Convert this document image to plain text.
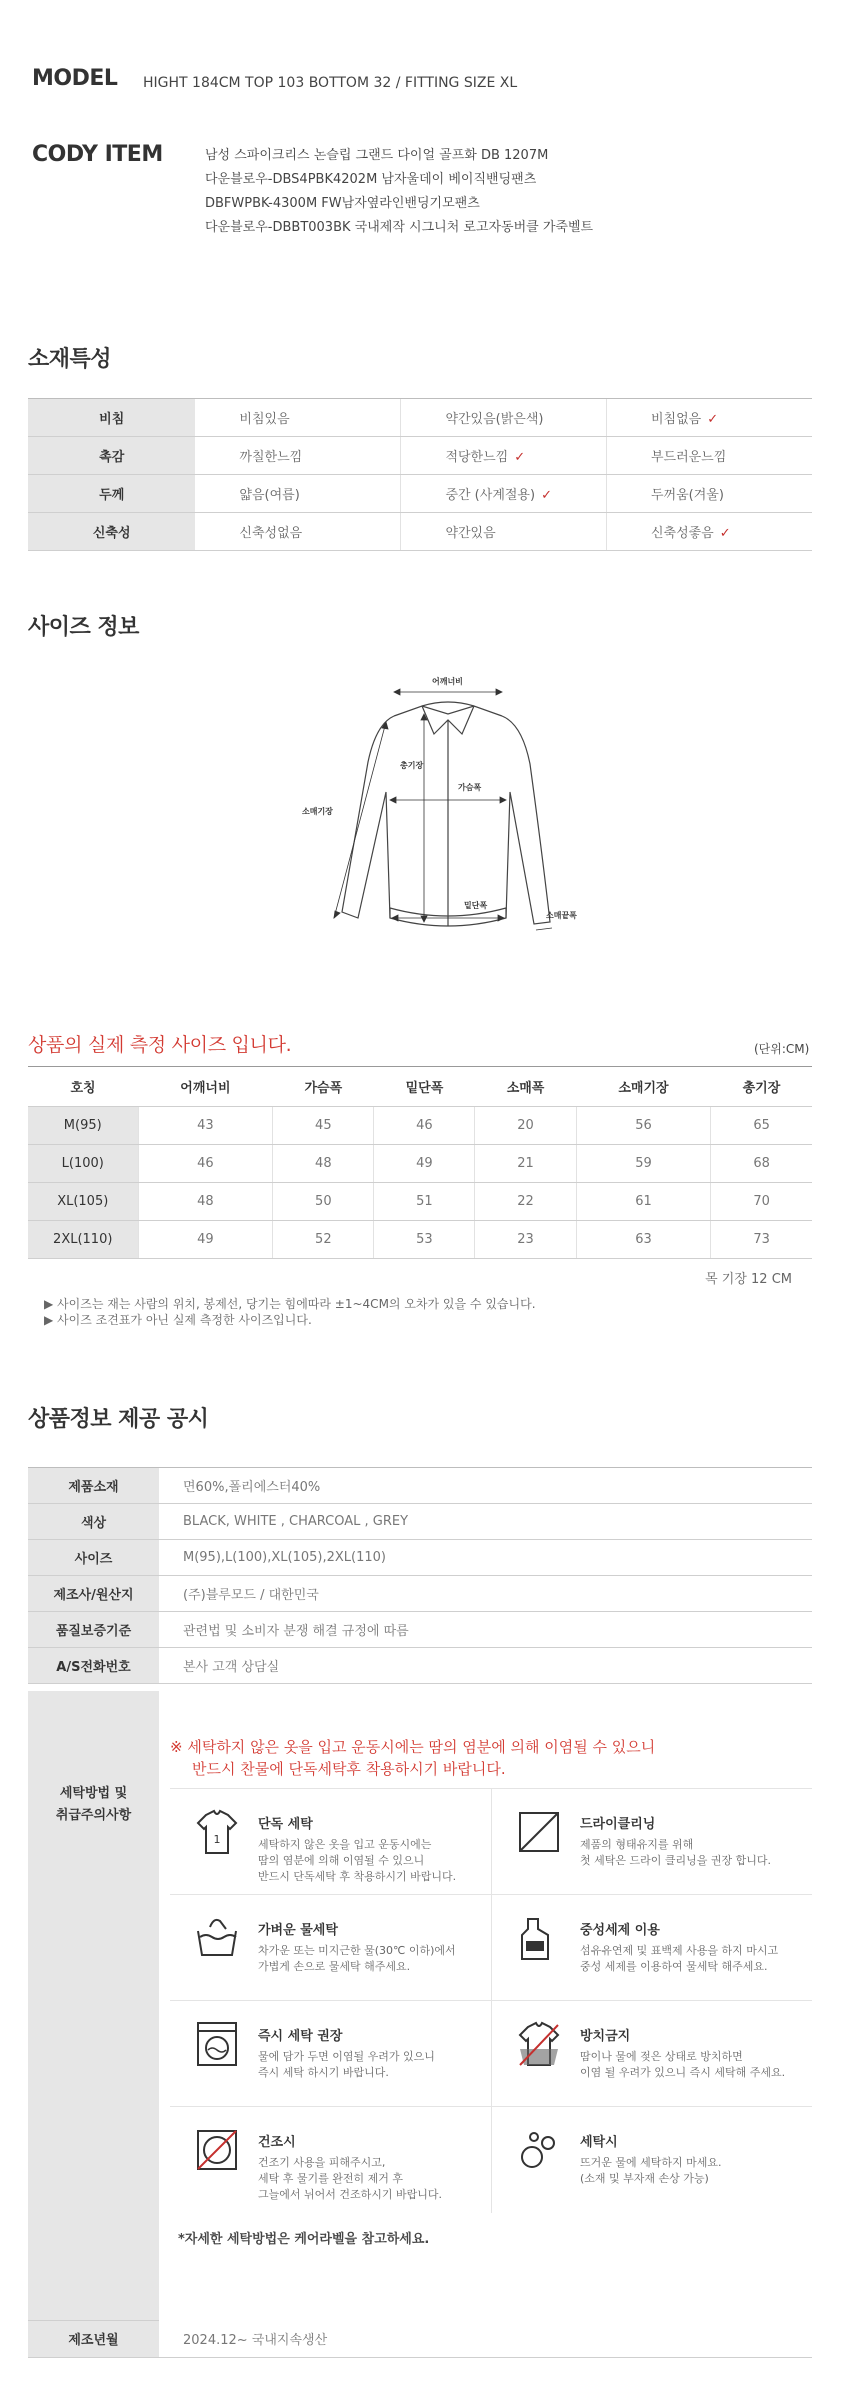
MODEL HIGHT 184CM TOP 103 BOTTOM 32 / FITTING SIZE XL
CODY ITEM	남성 스파이크리스 논슬립 그랜드 다이얼 골프화 DB 1207M
다운블로우-DBS4PBK4202M 남자울데이 베이직밴딩팬츠
DBFWPBK-4300M FW남자옆라인밴딩기모팬츠
다운블로우-DBBT003BK 국내제작 시그니처 로고자동버클 가죽벨트
소재특성
비침	비침있음	약간있음(밝은색)	비침없음 ✓
촉감	까칠한느낌	적당한느낌 ✓	부드러운느낌
두께	얇음(여름)	중간 (사계절용) ✓	두꺼움(겨울)
신축성	신축성없음	약간있음	신축성좋음 ✓
사이즈 정보
어깨너비
총기장
가슴폭
소매기장
밑단폭
소매끝폭
상품의 실제 측정 사이즈 입니다.	(단위:CM)
호칭	어깨너비	가슴폭	밑단폭	소매폭	소매기장	총기장
M(95)	43	45	46	20	56	65
L(100)	46	48	49	21	59	68
XL(105)	48	50	51	22	61	70
2XL(110)	49	52	53	23	63	73
목 기장 12 CM
▶ 사이즈는 재는 사람의 위치, 봉제선, 당기는 힘에따라 ±1~4CM의 오차가 있을 수 있습니다.
▶ 사이즈 조견표가 아닌 실제 측정한 사이즈입니다.
상품정보 제공 공시
제품소재	면60%,폴리에스터40%
색상	BLACK, WHITE , CHARCOAL , GREY
사이즈	M(95),L(100),XL(105),2XL(110)
제조사/원산지	(주)블루모드 / 대한민국
품질보증기준	관련법 및 소비자 분쟁 해결 규정에 따름
A/S전화번호	본사 고객 상담실
세탁방법 및
취급주의사항
※ 세탁하지 않은 옷을 입고 운동시에는 땀의 염분에 의해 이염될 수 있으니
반드시 찬물에 단독세탁후 착용하시기 바랍니다.
1
단독 세탁
세탁하지 않은 옷을 입고 운동시에는
땀의 염분에 의해 이염될 수 있으니
반드시 단독세탁 후 착용하시기 바랍니다.
드라이클리닝
제품의 형태유지를 위해
첫 세탁은 드라이 클리닝을 권장 합니다.
가벼운 물세탁
차가운 또는 미지근한 물(30℃ 이하)에서
가볍게 손으로 물세탁 해주세요.
중성세제 이용
섬유유연제 및 표백제 사용을 하지 마시고
중성 세제를 이용하여 물세탁 해주세요.
즉시 세탁 권장
물에 담가 두면 이염될 우려가 있으니
즉시 세탁 하시기 바랍니다.
방치금지
땀이나 물에 젖은 상태로 방치하면
이염 될 우려가 있으니 즉시 세탁해 주세요.
건조시
건조기 사용을 피해주시고,
세탁 후 물기를 완전히 제거 후
그늘에서 뉘어서 건조하시기 바랍니다.
세탁시
뜨거운 물에 세탁하지 마세요.
(소재 및 부자재 손상 가능)
*자세한 세탁방법은 케어라벨을 참고하세요.
제조년월	2024.12~ 국내지속생산
